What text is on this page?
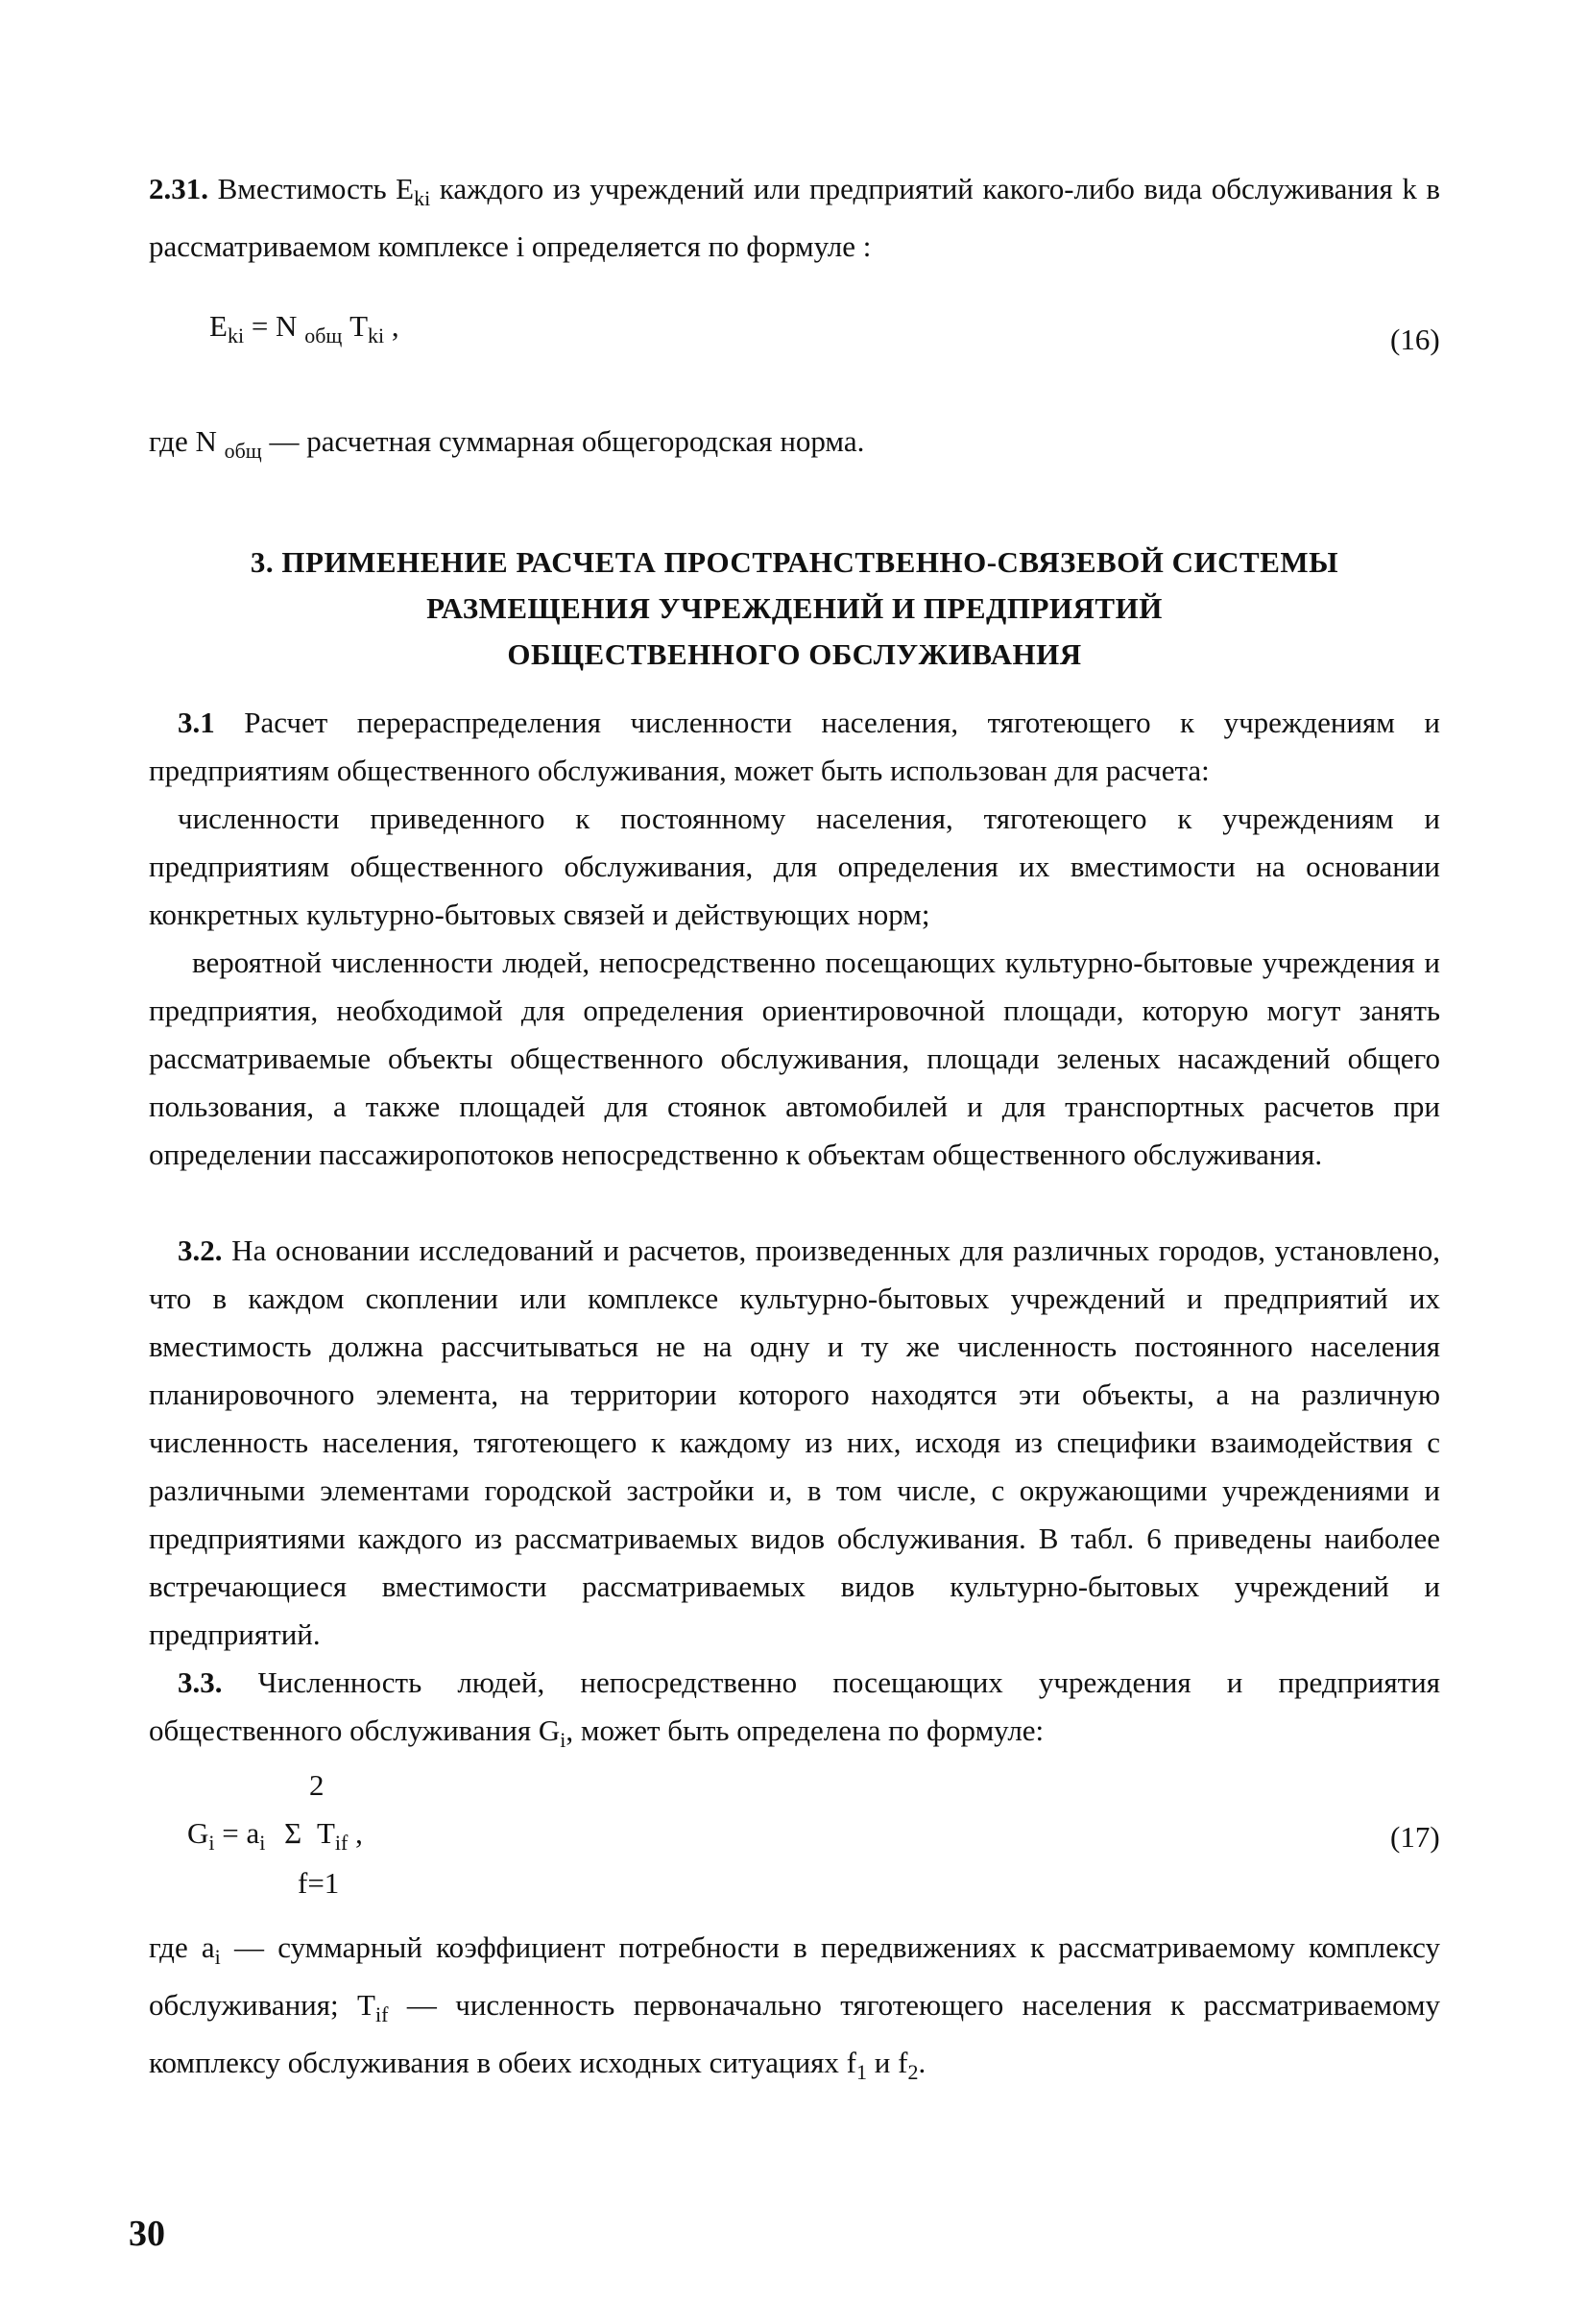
2.31. Вместимость $E_{ki}$ каждого из учреждений или предприятий какого-либо вида обслуживания k в рассматриваемом комплексе i определяется по формуле :

$E_{ki} = N$ $_{общ}$ $T_{ki}$ ,	(16)
где N $_{общ}$ — расчетная суммарная общегородская норма.
3. ПРИМЕНЕНИЕ РАСЧЕТА ПРОСТРАНСТВЕННО-СВЯЗЕВОЙ СИСТЕМЫ
РАЗМЕЩЕНИЯ УЧРЕЖДЕНИЙ И ПРЕДПРИЯТИЙ
ОБЩЕСТВЕННОГО ОБСЛУЖИВАНИЯ

3.1 Расчет перераспределения численности населения, тяготеющего к учреждениям и предприятиям общественного обслуживания, может быть использован для расчета:

численности приведенного к постоянному населения, тяготеющего к учреждениям и предприятиям общественного обслуживания, для определения их вместимости на основании конкретных культурно-бытовых связей и действующих норм;

вероятной численности людей, непосредственно посещающих культурно-бытовые учреждения и предприятия, необходимой для определения ориентировочной площади, которую могут занять рассматриваемые объекты общественного обслуживания, площади зеленых насаждений общего пользования, а также площадей для стоянок автомобилей и для транспортных расчетов при определении пассажиропотоков непосредственно к объектам общественного обслуживания.

3.2. На основании исследований и расчетов, произведенных для различных городов, установлено, что в каждом скоплении или комплексе культурно-бытовых учреждений и предприятий их вместимость должна рассчитываться не на одну и ту же численность постоянного населения планировочного элемента, на территории которого находятся эти объекты, а на различную численность населения, тяготеющего к каждому из них, исходя из специфики взаимодействия с различными элементами городской застройки и, в том числе, с окружающими учреждениями и предприятиями каждого из рассматриваемых видов обслуживания. В табл. 6 приведены наиболее встречающиеся вместимости рассматриваемых видов культурно-бытовых учреждений и предприятий.

3.3. Численность людей, непосредственно посещающих учреждения и предприятия общественного обслуживания $G_i$, может быть определена по формуле:

2
$G_i = a_i$ Σ $T_{if}$ ,
f=1
(17)

где $a_i$ — суммарный коэффициент потребности в передвижениях к рассматриваемому комплексу обслуживания; $T_{if}$ — численность первоначально тяготеющего населения к рассматриваемому комплексу обслуживания в обеих исходных ситуациях $f_1$ и $f_2$.

30
